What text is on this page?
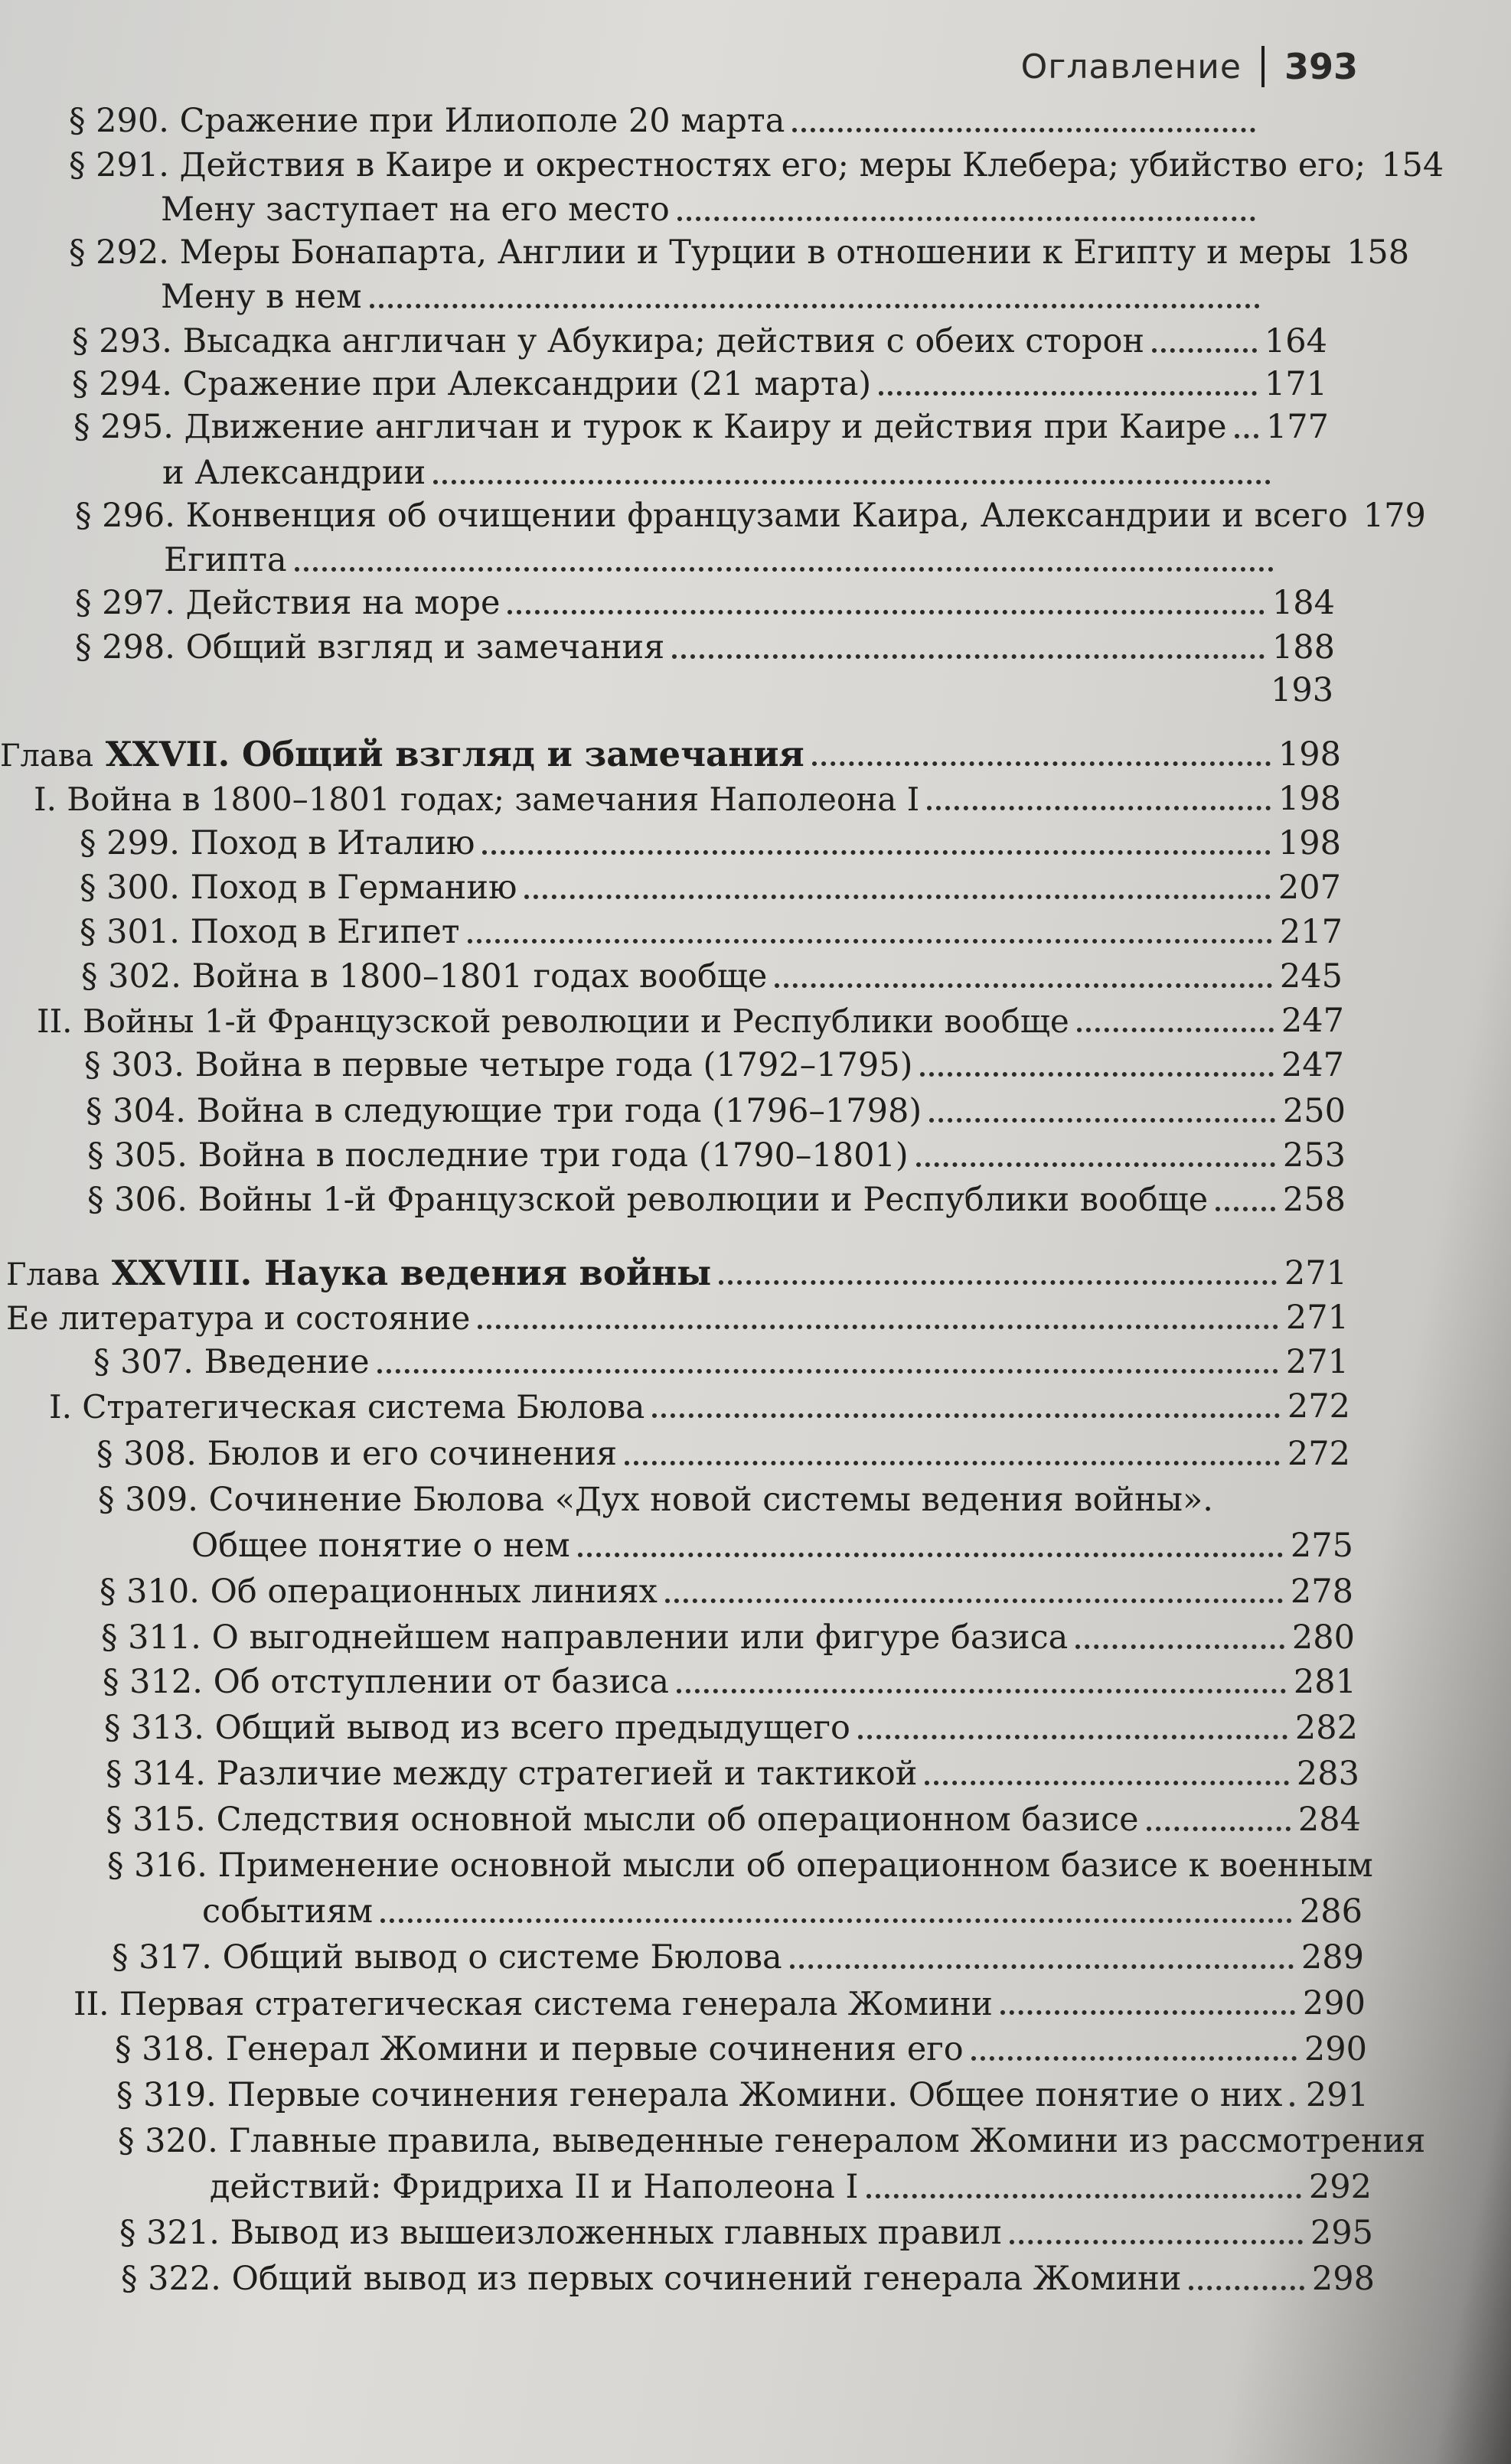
Оглавление 393
§ 290. Сражение при Илиополе 20 марта
§ 291. Действия в Каире и окрестностях его; меры Клебера; убийство его; 154
Мену заступает на его место
§ 292. Меры Бонапарта, Англии и Турции в отношении к Египту и меры 158
Мену в нем
§ 293. Высадка англичан у Абукира; действия с обеих сторон	164
§ 294. Сражение при Александрии (21 марта)	171
§ 295. Движение англичан и турок к Каиру и действия при Каире 177
и Александрии
§ 296. Конвенция об очищении французами Каира, Александрии и всего 179
Египта
§ 297. Действия на море	184
§ 298. Общий взгляд и замечания	188
193
Глава XXVII. Общий взгляд и замечания	198
I. Война в 1800–1801 годах; замечания Наполеона I	198
§ 299. Поход в Италию	198
§ 300. Поход в Германию	207
§ 301. Поход в Египет	217
§ 302. Война в 1800–1801 годах вообще	245
II. Войны 1-й Французской революции и Республики вообще	247
§ 303. Война в первые четыре года (1792–1795)	247
§ 304. Война в следующие три года (1796–1798)	250
§ 305. Война в последние три года (1790–1801)	253
§ 306. Войны 1-й Французской революции и Республики вообще 258
Глава XXVIII. Наука ведения войны	271
Ее литература и состояние	271
§ 307. Введение	271
I. Стратегическая система Бюлова	272
§ 308. Бюлов и его сочинения	272
§ 309. Сочинение Бюлова «Дух новой системы ведения войны».
Общее понятие о нем	275
§ 310. Об операционных линиях	278
§ 311. О выгоднейшем направлении или фигуре базиса	280
§ 312. Об отступлении от базиса	281
§ 313. Общий вывод из всего предыдущего	282
§ 314. Различие между стратегией и тактикой	283
§ 315. Следствия основной мысли об операционном базисе	284
§ 316. Применение основной мысли об операционном базисе к военным
событиям	286
§ 317. Общий вывод о системе Бюлова	289
II. Первая стратегическая система генерала Жомини	290
§ 318. Генерал Жомини и первые сочинения его	290
§ 319. Первые сочинения генерала Жомини. Общее понятие о них 291
§ 320. Главные правила, выведенные генералом Жомини из рассмотрения
действий: Фридриха II и Наполеона I	292
§ 321. Вывод из вышеизложенных главных правил	295
§ 322. Общий вывод из первых сочинений генерала Жомини	298
